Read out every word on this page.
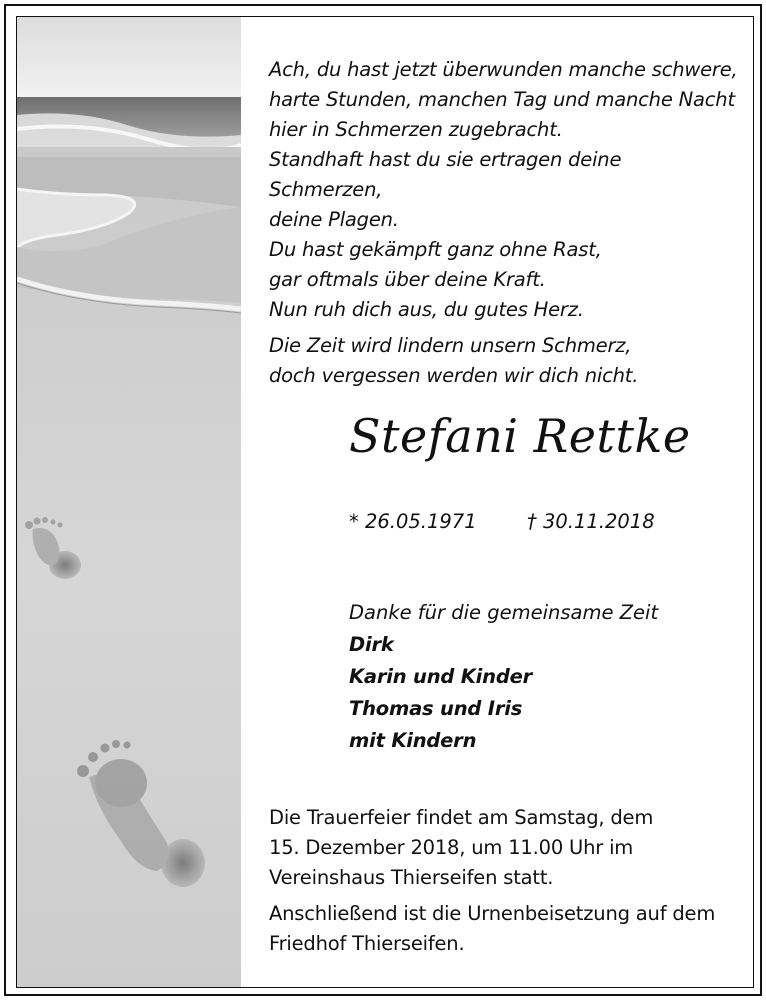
Ach, du hast jetzt überwunden manche schwere,

harte Stunden, manchen Tag und manche Nacht

hier in Schmerzen zugebracht.

Standhaft hast du sie ertragen deine Schmerzen,

deine Plagen.

Du hast gekämpft ganz ohne Rast,

gar oftmals über deine Kraft.

Nun ruh dich aus, du gutes Herz.

Die Zeit wird lindern unsern Schmerz,

doch vergessen werden wir dich nicht.

Stefani Rettke
* 26.05.1971	† 30.11.2018
Danke für die gemeinsame Zeit
Dirk
Karin und Kinder
Thomas und Iris
mit Kindern

Die Trauerfeier findet am Samstag, dem

15. Dezember 2018, um 11.00 Uhr im

Vereinshaus Thierseifen statt.

Anschließend ist die Urnenbeisetzung auf dem

Friedhof Thierseifen.
